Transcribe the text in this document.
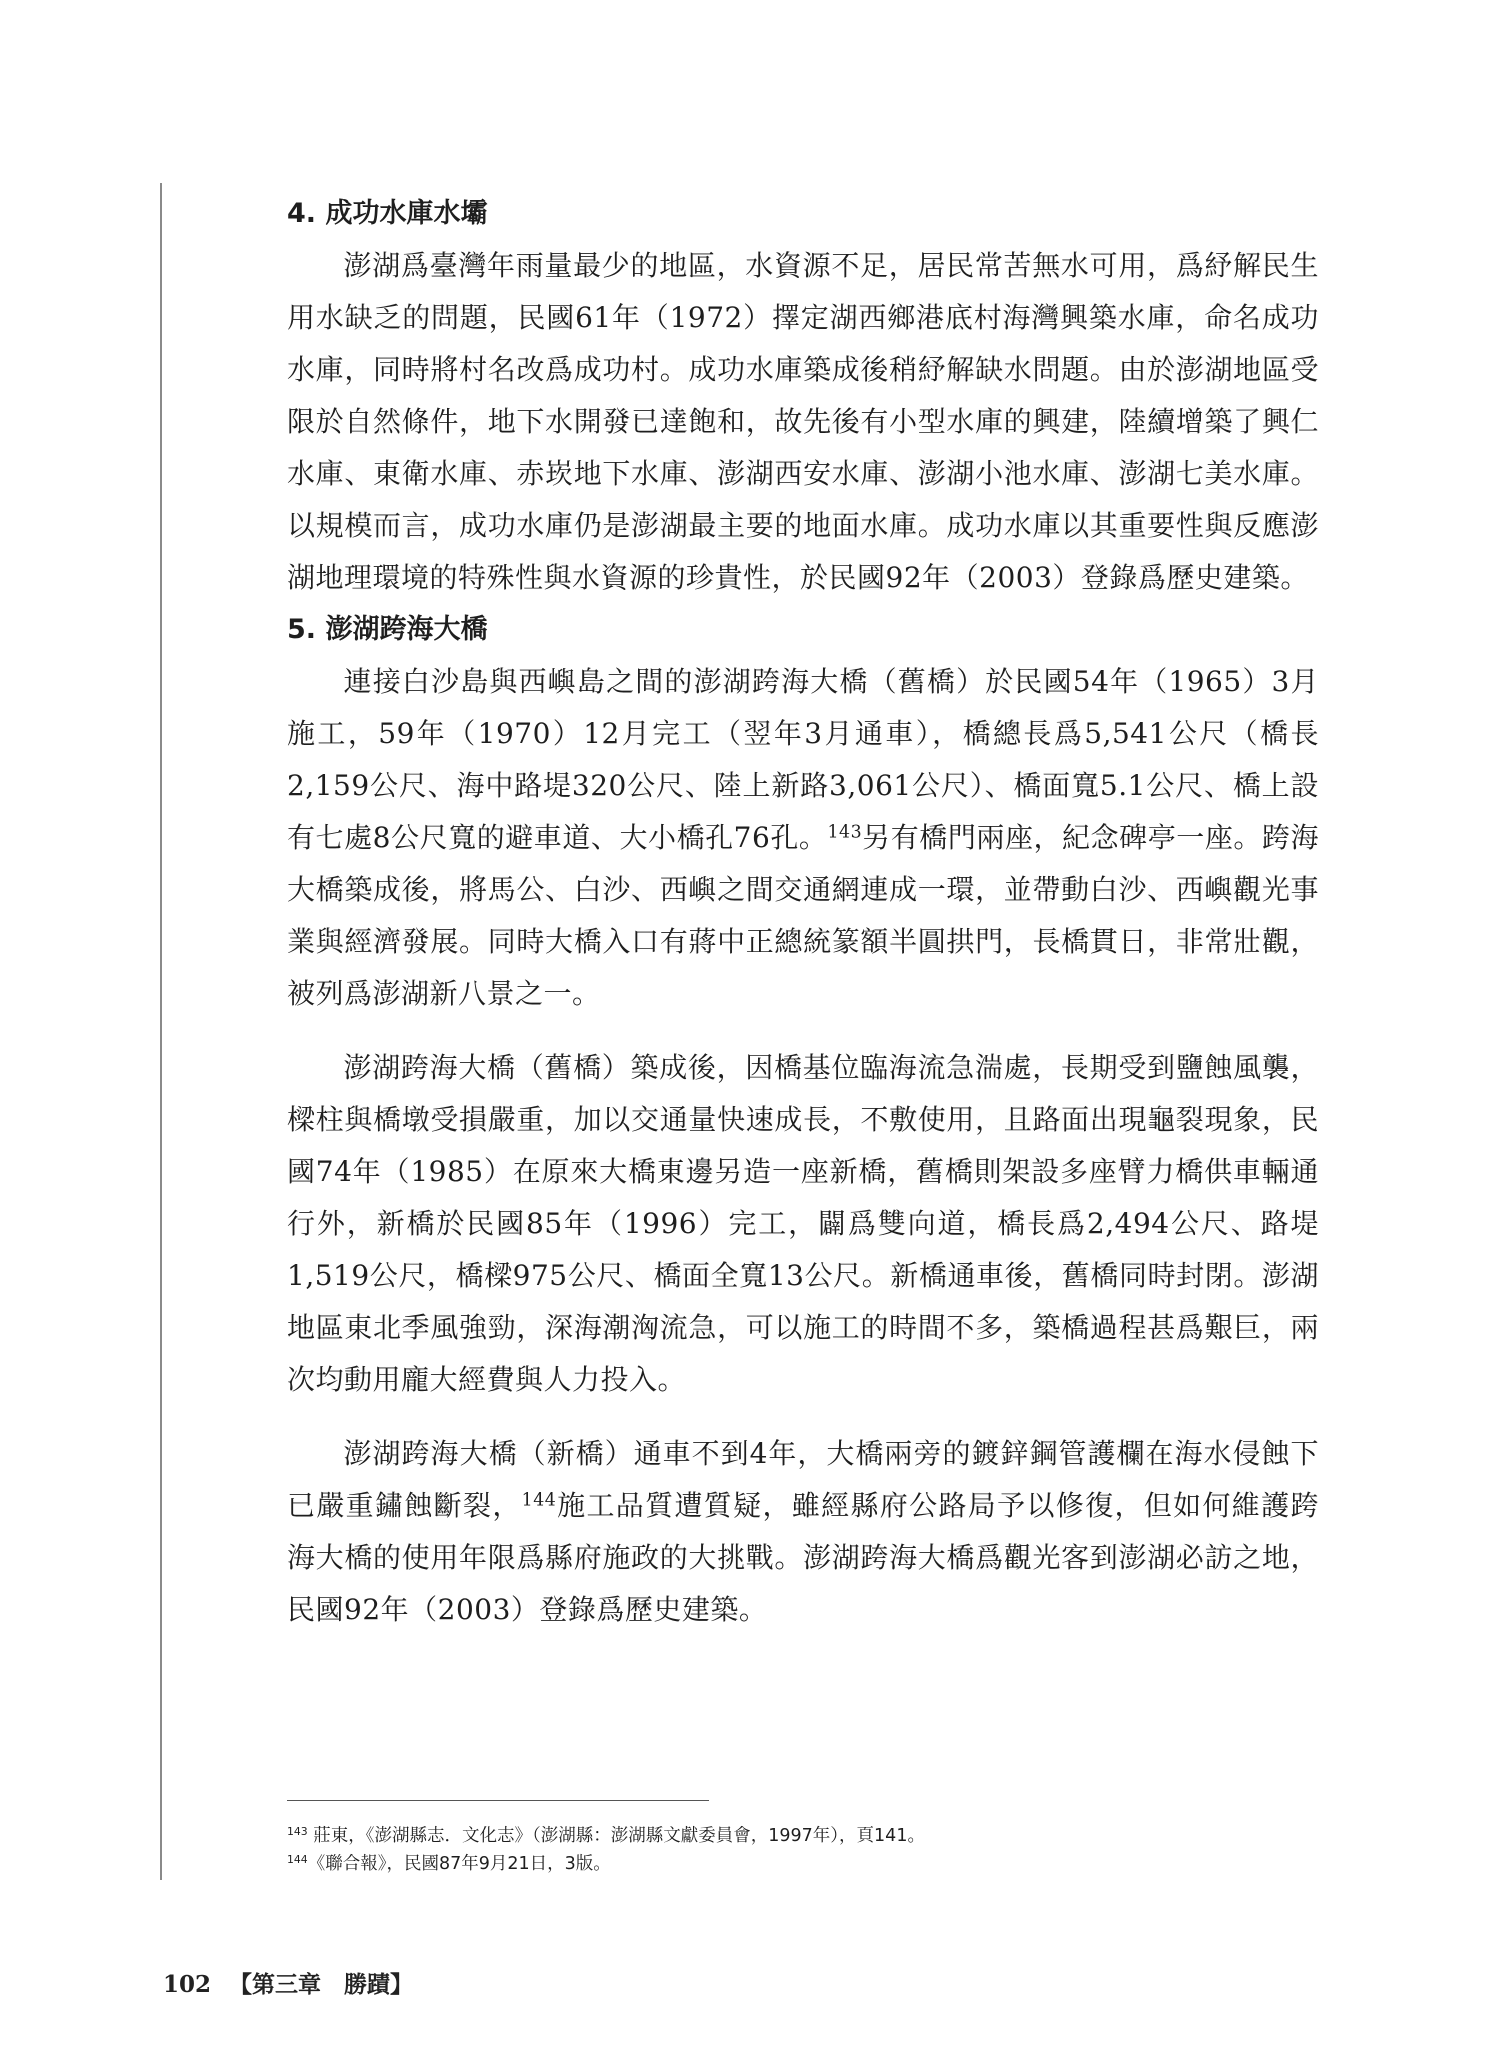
4. 成功水庫水壩

澎湖爲臺灣年雨量最少的地區，水資源不足，居民常苦無水可用，爲紓解民生用水缺乏的問題，民國61年（1972）擇定湖西鄉港底村海灣興築水庫，命名成功水庫，同時將村名改爲成功村。成功水庫築成後稍紓解缺水問題。由於澎湖地區受限於自然條件，地下水開發已達飽和，故先後有小型水庫的興建，陸續增築了興仁水庫、東衛水庫、赤崁地下水庫、澎湖西安水庫、澎湖小池水庫、澎湖七美水庫。以規模而言，成功水庫仍是澎湖最主要的地面水庫。成功水庫以其重要性與反應澎湖地理環境的特殊性與水資源的珍貴性，於民國92年（2003）登錄爲歷史建築。

5. 澎湖跨海大橋

連接白沙島與西嶼島之間的澎湖跨海大橋（舊橋）於民國54年（1965）3月施工，59年（1970）12月完工（翌年3月通車），橋總長爲5,541公尺（橋長2,159公尺、海中路堤320公尺、陸上新路3,061公尺）、橋面寬5.1公尺、橋上設有七處8公尺寬的避車道、大小橋孔76孔。$^{143}$另有橋門兩座，紀念碑亭一座。跨海大橋築成後，將馬公、白沙、西嶼之間交通網連成一環，並帶動白沙、西嶼觀光事業與經濟發展。同時大橋入口有蔣中正總統篆額半圓拱門，長橋貫日，非常壯觀，被列爲澎湖新八景之一。

澎湖跨海大橋（舊橋）築成後，因橋基位臨海流急湍處，長期受到鹽蝕風襲，樑柱與橋墩受損嚴重，加以交通量快速成長，不敷使用，且路面出現龜裂現象，民國74年（1985）在原來大橋東邊另造一座新橋，舊橋則架設多座臂力橋供車輛通行外，新橋於民國85年（1996）完工，闢爲雙向道，橋長爲2,494公尺、路堤1,519公尺，橋樑975公尺、橋面全寬13公尺。新橋通車後，舊橋同時封閉。澎湖地區東北季風強勁，深海潮洶流急，可以施工的時間不多，築橋過程甚爲艱巨，兩次均動用龐大經費與人力投入。

澎湖跨海大橋（新橋）通車不到4年，大橋兩旁的鍍鋅鋼管護欄在海水侵蝕下已嚴重鏽蝕斷裂，$^{144}$施工品質遭質疑，雖經縣府公路局予以修復，但如何維護跨海大橋的使用年限爲縣府施政的大挑戰。澎湖跨海大橋爲觀光客到澎湖必訪之地，民國92年（2003）登錄爲歷史建築。

$^{143}$ 莊東，《澎湖縣志．文化志》（澎湖縣：澎湖縣文獻委員會，1997年），頁141。

$^{144}$《聯合報》，民國87年9月21日，3版。

102 【第三章　勝蹟】
